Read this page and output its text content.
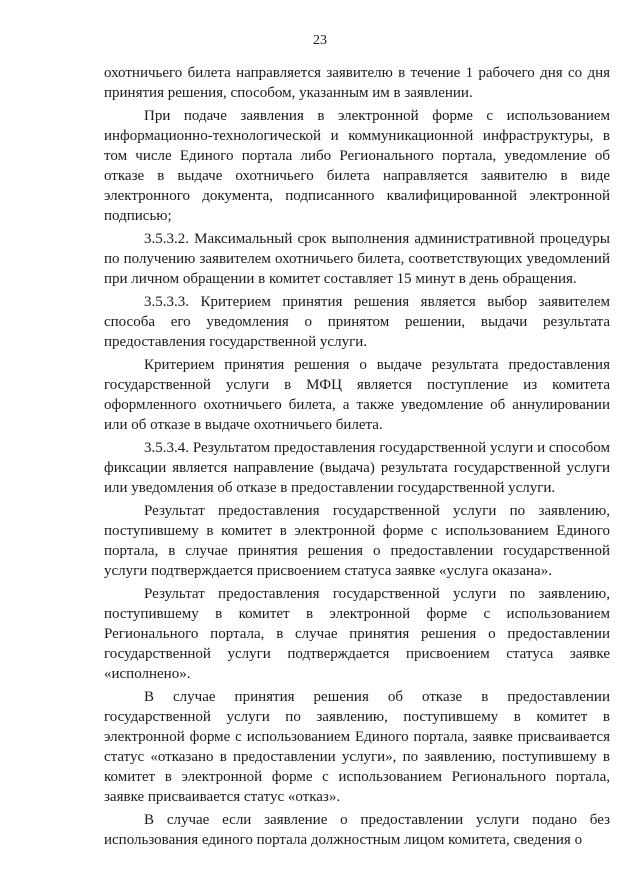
23

охотничьего билета направляется заявителю в течение 1 рабочего дня со дня принятия решения, способом, указанным им в заявлении.

При подаче заявления в электронной форме с использованием информационно-технологической и коммуникационной инфраструктуры, в том числе Единого портала либо Регионального портала, уведомление об отказе в выдаче охотничьего билета направляется заявителю в виде электронного документа, подписанного квалифицированной электронной подписью;

3.5.3.2. Максимальный срок выполнения административной процедуры по получению заявителем охотничьего билета, соответствующих уведомлений при личном обращении в комитет составляет 15 минут в день обращения.

3.5.3.3. Критерием принятия решения является выбор заявителем способа его уведомления о принятом решении, выдачи результата предоставления государственной услуги.

Критерием принятия решения о выдаче результата предоставления государственной услуги в МФЦ является поступление из комитета оформленного охотничьего билета, а также уведомление об аннулировании или об отказе в выдаче охотничьего билета.

3.5.3.4. Результатом предоставления государственной услуги и способом фиксации является направление (выдача) результата государственной услуги или уведомления об отказе в предоставлении государственной услуги.

Результат предоставления государственной услуги по заявлению, поступившему в комитет в электронной форме с использованием Единого портала, в случае принятия решения о предоставлении государственной услуги подтверждается присвоением статуса заявке «услуга оказана».

Результат предоставления государственной услуги по заявлению, поступившему в комитет в электронной форме с использованием Регионального портала, в случае принятия решения о предоставлении государственной услуги подтверждается присвоением статуса заявке «исполнено».

В случае принятия решения об отказе в предоставлении государственной услуги по заявлению, поступившему в комитет в электронной форме с использованием Единого портала, заявке присваивается статус «отказано в предоставлении услуги», по заявлению, поступившему в комитет в электронной форме с использованием Регионального портала, заявке присваивается статус «отказ».

В случае если заявление о предоставлении услуги подано без использования единого портала должностным лицом комитета, сведения о
